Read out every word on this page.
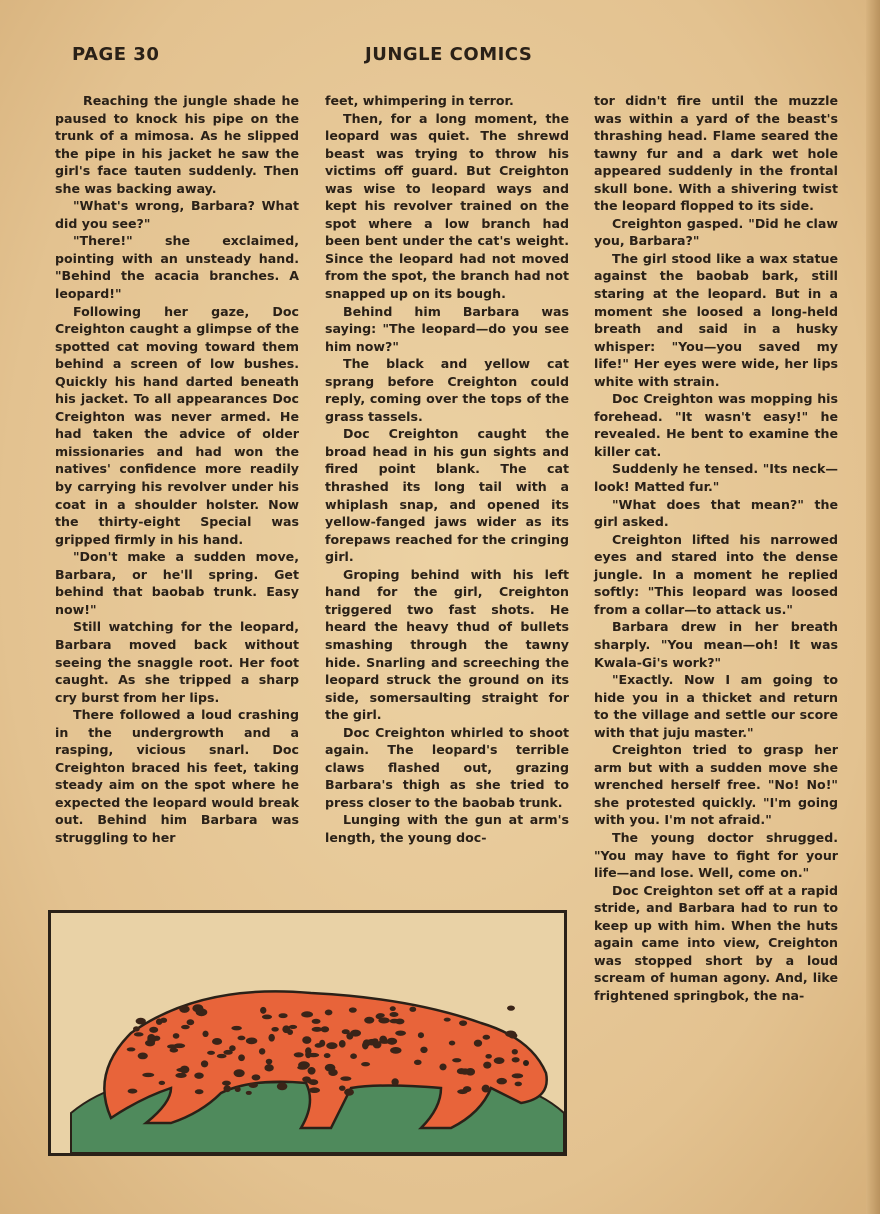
PAGE 30	JUNGLE COMICS

Reaching the jungle shade he paused to knock his pipe on the trunk of a mimosa. As he slipped the pipe in his jacket he saw the girl's face tauten suddenly. Then she was backing away.

"What's wrong, Barbara? What did you see?"

"There!" she exclaimed, pointing with an unsteady hand. "Behind the acacia branches. A leopard!"

Following her gaze, Doc Creighton caught a glimpse of the spotted cat moving toward them behind a screen of low bushes. Quickly his hand darted beneath his jacket. To all appearances Doc Creighton was never armed. He had taken the advice of older missionaries and had won the natives' confidence more readily by carrying his revolver under his coat in a shoulder holster. Now the thirty-eight Special was gripped firmly in his hand.

"Don't make a sudden move, Barbara, or he'll spring. Get behind that baobab trunk. Easy now!"

Still watching for the leopard, Barbara moved back without seeing the snaggle root. Her foot caught. As she tripped a sharp cry burst from her lips.

There followed a loud crashing in the undergrowth and a rasping, vicious snarl. Doc Creighton braced his feet, taking steady aim on the spot where he expected the leopard would break out. Behind him Barbara was struggling to her

feet, whimpering in terror.

Then, for a long moment, the leopard was quiet. The shrewd beast was trying to throw his victims off guard. But Creighton was wise to leopard ways and kept his revolver trained on the spot where a low branch had been bent under the cat's weight. Since the leopard had not moved from the spot, the branch had not snapped up on its bough.

Behind him Barbara was saying: "The leopard—do you see him now?"

The black and yellow cat sprang before Creighton could reply, coming over the tops of the grass tassels.

Doc Creighton caught the broad head in his gun sights and fired point blank. The cat thrashed its long tail with a whiplash snap, and opened its yellow-fanged jaws wider as its forepaws reached for the cringing girl.

Groping behind with his left hand for the girl, Creighton triggered two fast shots. He heard the heavy thud of bullets smashing through the tawny hide. Snarling and screeching the leopard struck the ground on its side, somersaulting straight for the girl.

Doc Creighton whirled to shoot again. The leopard's terrible claws flashed out, grazing Barbara's thigh as she tried to press closer to the baobab trunk.

Lunging with the gun at arm's length, the young doc-

tor didn't fire until the muzzle was within a yard of the beast's thrashing head. Flame seared the tawny fur and a dark wet hole appeared suddenly in the frontal skull bone. With a shivering twist the leopard flopped to its side.

Creighton gasped. "Did he claw you, Barbara?"

The girl stood like a wax statue against the baobab bark, still staring at the leopard. But in a moment she loosed a long-held breath and said in a husky whisper: "You—you saved my life!" Her eyes were wide, her lips white with strain.

Doc Creighton was mopping his forehead. "It wasn't easy!" he revealed. He bent to examine the killer cat.

Suddenly he tensed. "Its neck—look! Matted fur."

"What does that mean?" the girl asked.

Creighton lifted his narrowed eyes and stared into the dense jungle. In a moment he replied softly: "This leopard was loosed from a collar—to attack us."

Barbara drew in her breath sharply. "You mean—oh! It was Kwala-Gi's work?"

"Exactly. Now I am going to hide you in a thicket and return to the village and settle our score with that juju master."

Creighton tried to grasp her arm but with a sudden move she wrenched herself free. "No! No!" she protested quickly. "I'm going with you. I'm not afraid."

The young doctor shrugged. "You may have to fight for your life—and lose. Well, come on."

Doc Creighton set off at a rapid stride, and Barbara had to run to keep up with him. When the huts again came into view, Creighton was stopped short by a loud scream of human agony. And, like frightened springbok, the na-
